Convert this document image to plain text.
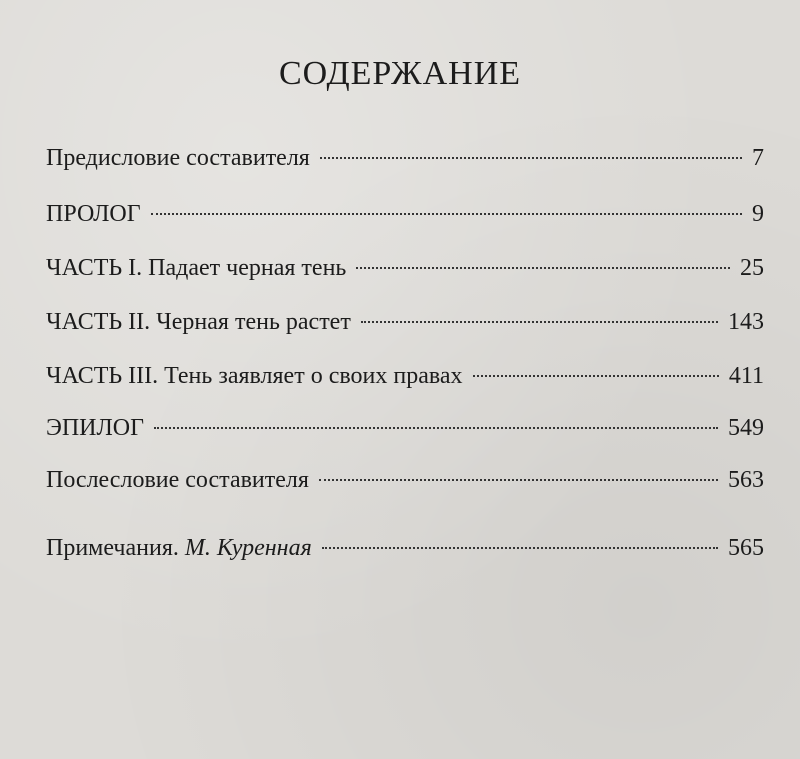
СОДЕРЖАНИЕ
Предисловие составителя	7
ПРОЛОГ	9
ЧАСТЬ I. Падает черная тень	25
ЧАСТЬ II. Черная тень растет	143
ЧАСТЬ III. Тень заявляет о своих правах	411
ЭПИЛОГ	549
Послесловие составителя	563
Примечания. М. Куренная	565
